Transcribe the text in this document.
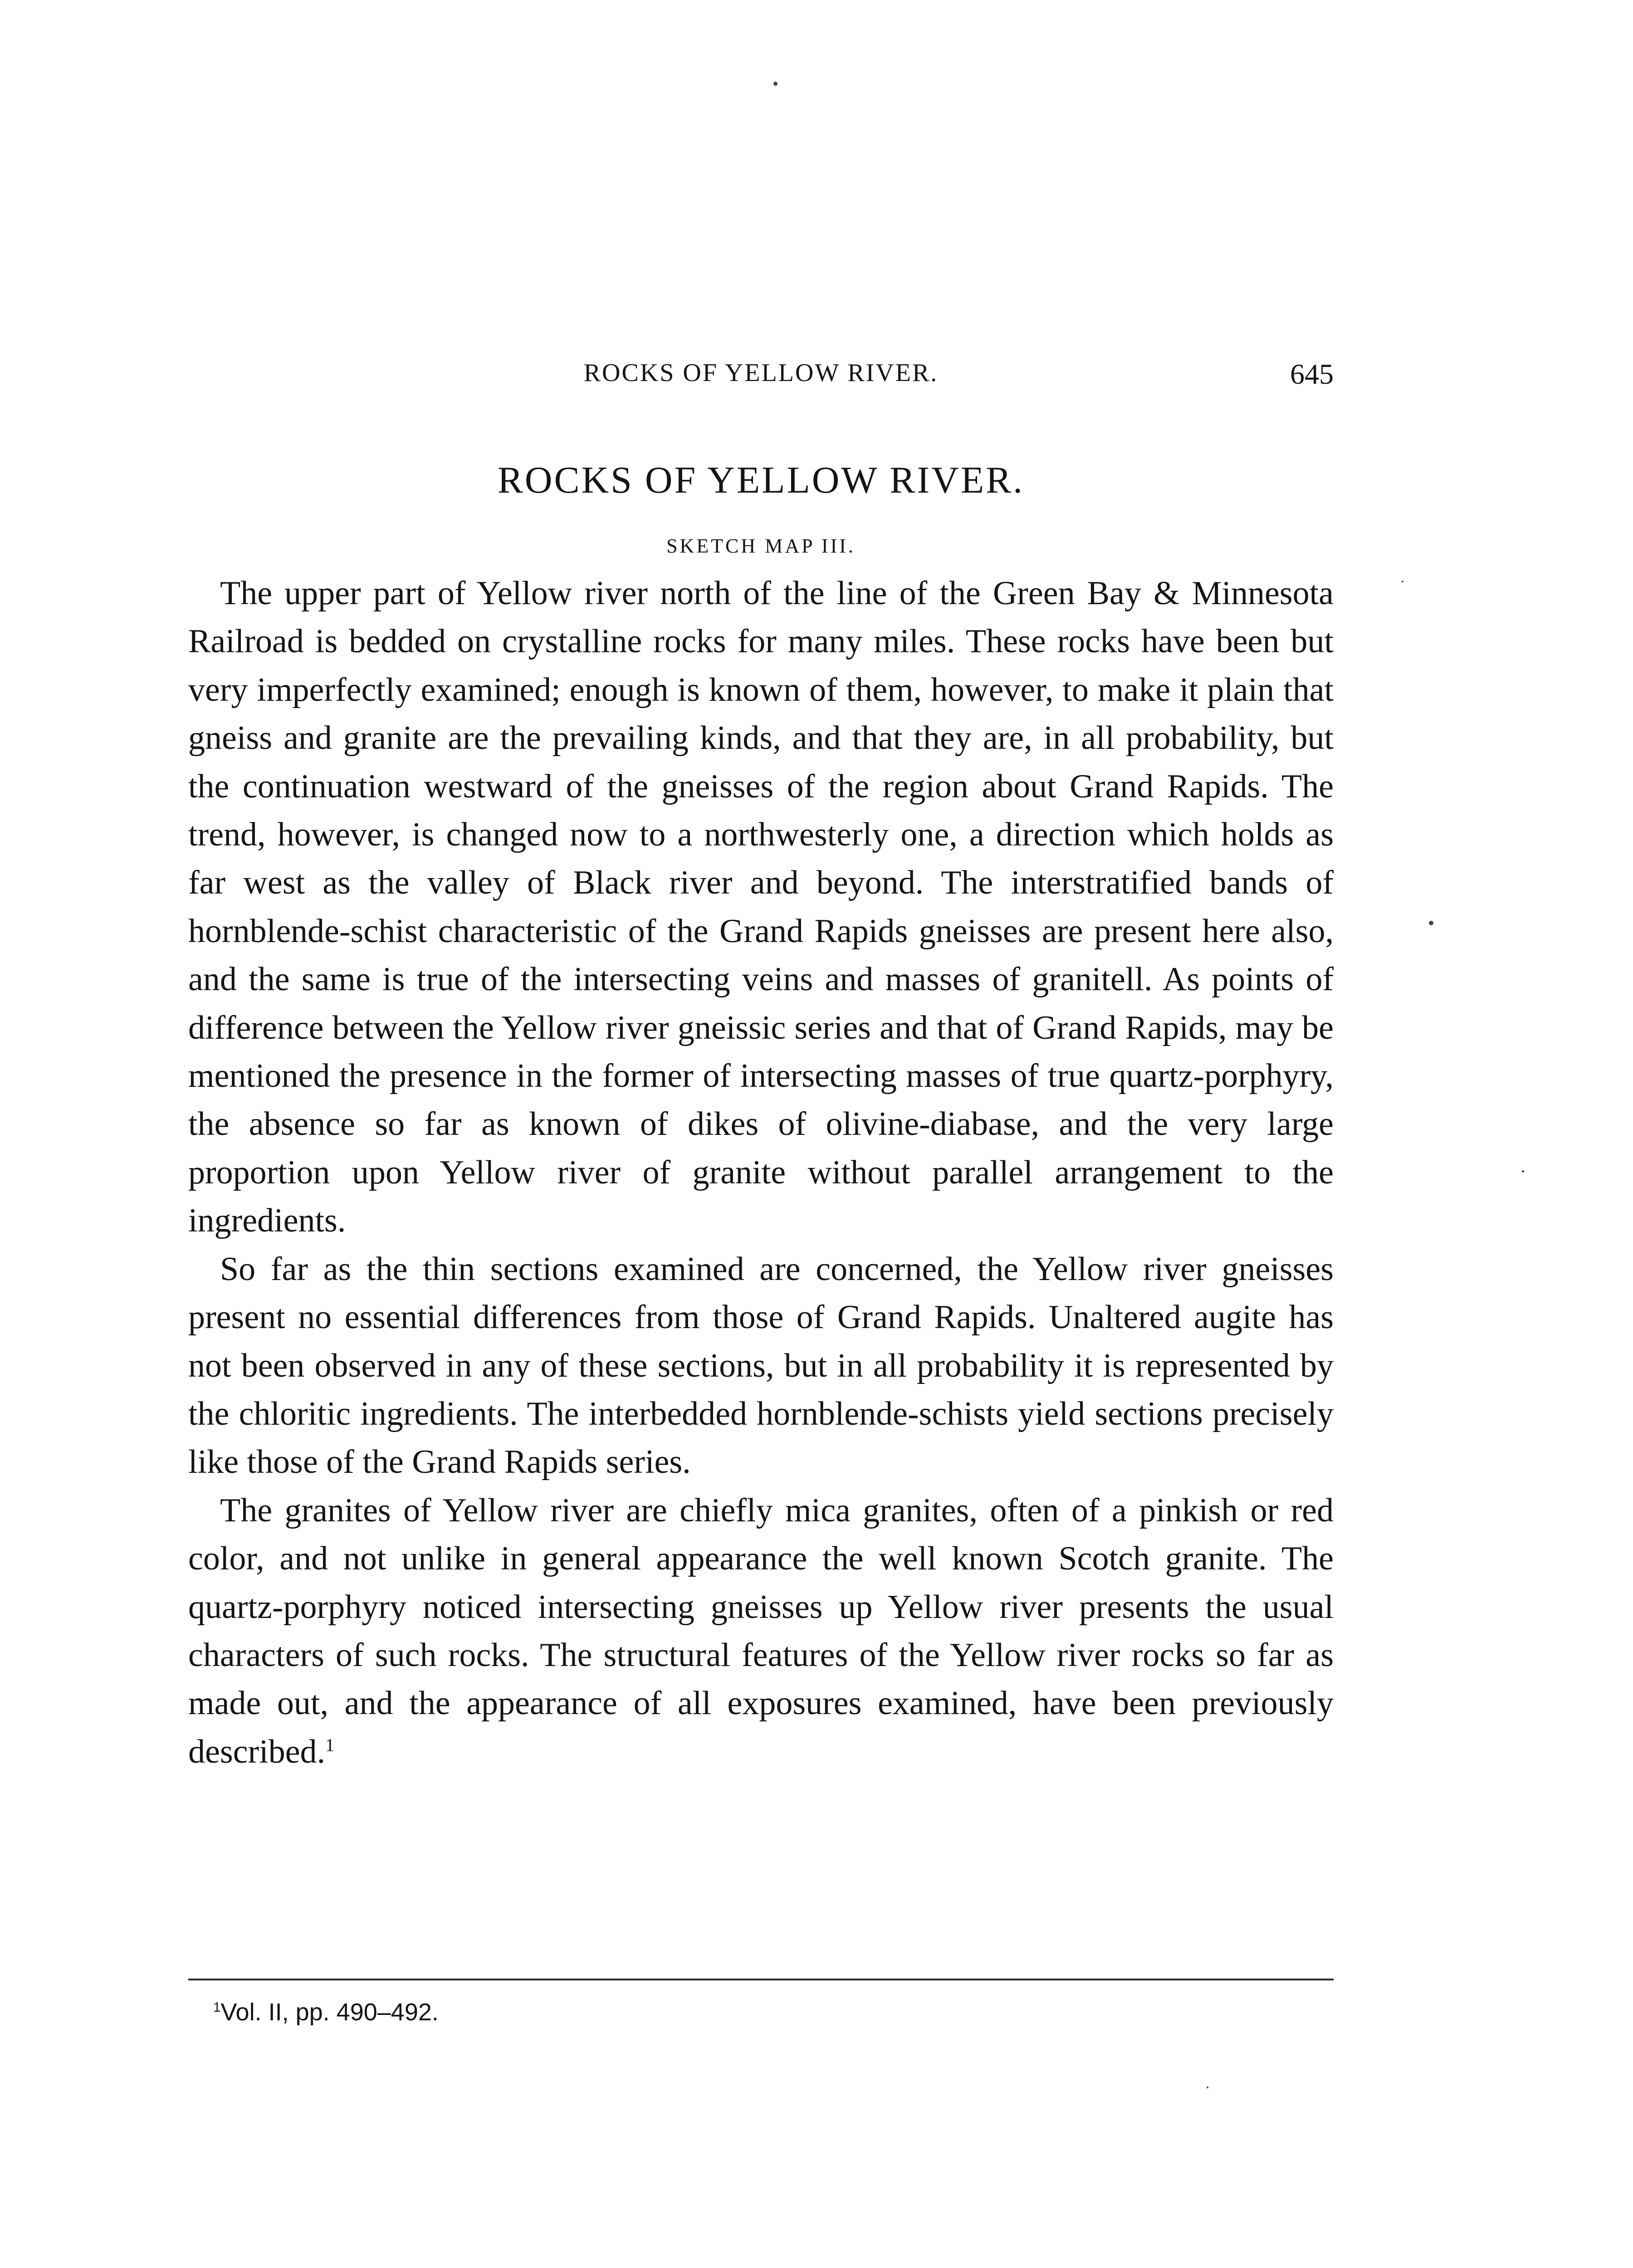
ROCKS OF YELLOW RIVER.	645
ROCKS OF YELLOW RIVER.
SKETCH MAP III.

The upper part of Yellow river north of the line of the Green Bay & Minnesota Railroad is bedded on crystalline rocks for many miles. These rocks have been but very imperfectly examined; enough is known of them, however, to make it plain that gneiss and granite are the prevailing kinds, and that they are, in all probability, but the continuation westward of the gneisses of the region about Grand Rapids. The trend, however, is changed now to a northwesterly one, a direction which holds as far west as the valley of Black river and beyond. The interstratified bands of hornblende-schist characteristic of the Grand Rapids gneisses are present here also, and the same is true of the intersecting veins and masses of granitell. As points of difference between the Yellow river gneissic series and that of Grand Rapids, may be mentioned the presence in the former of intersecting masses of true quartz-porphyry, the absence so far as known of dikes of olivine-diabase, and the very large proportion upon Yellow river of granite without parallel arrangement to the ingredients.

So far as the thin sections examined are concerned, the Yellow river gneisses present no essential differences from those of Grand Rapids. Unaltered augite has not been observed in any of these sections, but in all probability it is represented by the chloritic ingredients. The interbedded hornblende-schists yield sections precisely like those of the Grand Rapids series.

The granites of Yellow river are chiefly mica granites, often of a pinkish or red color, and not unlike in general appearance the well known Scotch granite. The quartz-porphyry noticed intersecting gneisses up Yellow river presents the usual characters of such rocks. The structural features of the Yellow river rocks so far as made out, and the appearance of all exposures examined, have been previously described.$^1$

$^1$Vol. II, pp. 490–492.
